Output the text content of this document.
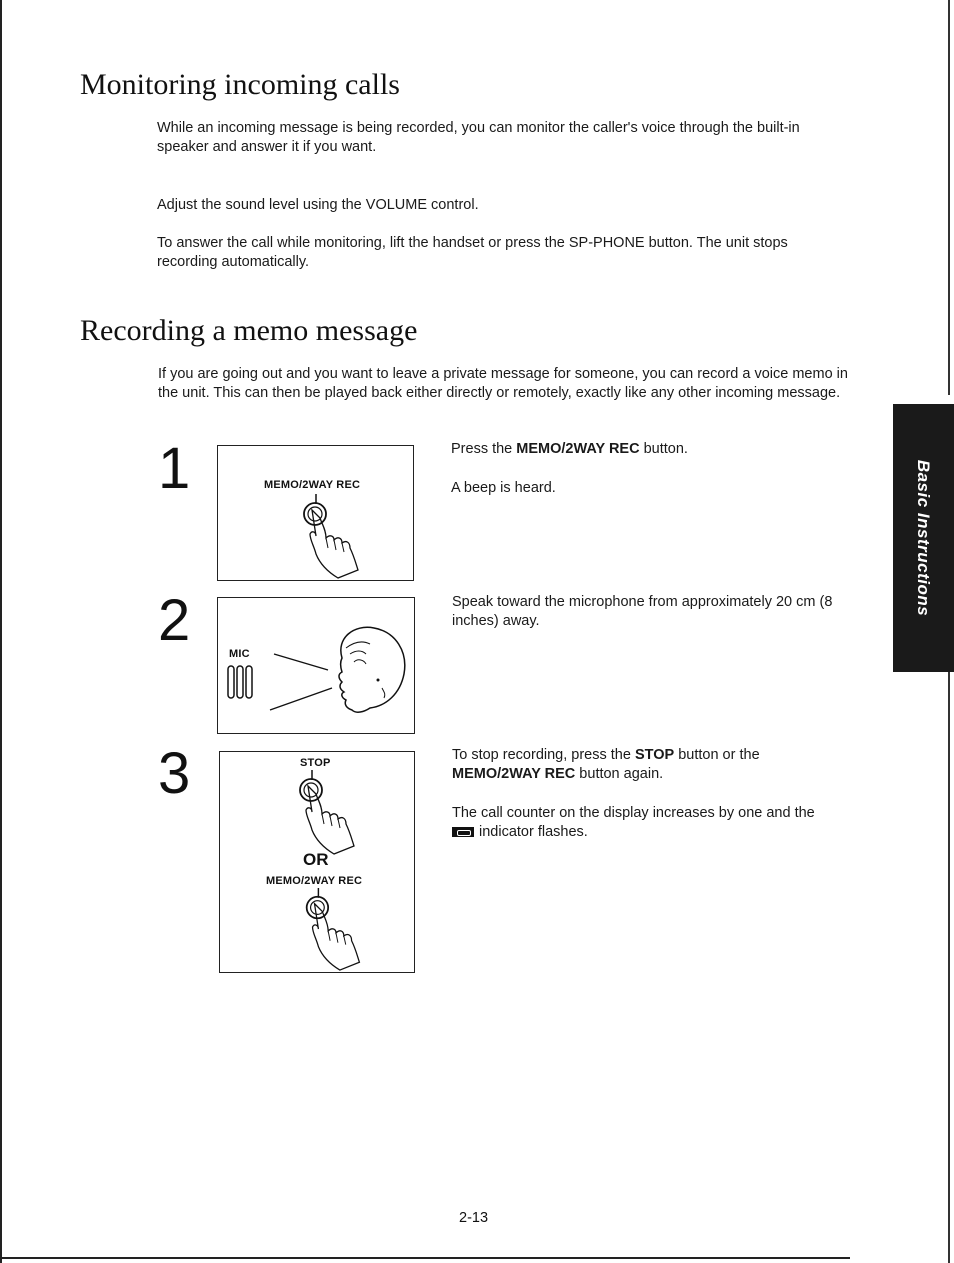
Monitoring incoming calls

While an incoming message is being recorded, you can monitor the caller's voice through the built-in speaker and answer it if you want.

Adjust the sound level using the VOLUME control.

To answer the call while monitoring, lift the handset or press the SP-PHONE button. The unit stops recording automatically.

Recording a memo message

If you are going out and you want to leave a private message for someone, you can record a voice memo in the unit. This can then be played back either directly or remotely, exactly like any other incoming message.

1	MEMO/2WAY REC

Press the MEMO/2WAY REC button.

A beep is heard.

2
MIC

Speak toward the microphone from approximately 20 cm (8 inches) away.

3	STOP
OR
MEMO/2WAY REC

To stop recording, press the STOP button or the MEMO/2WAY REC button again.

The call counter on the display increases by one and the
indicator flashes.

Basic Instructions
2-13
